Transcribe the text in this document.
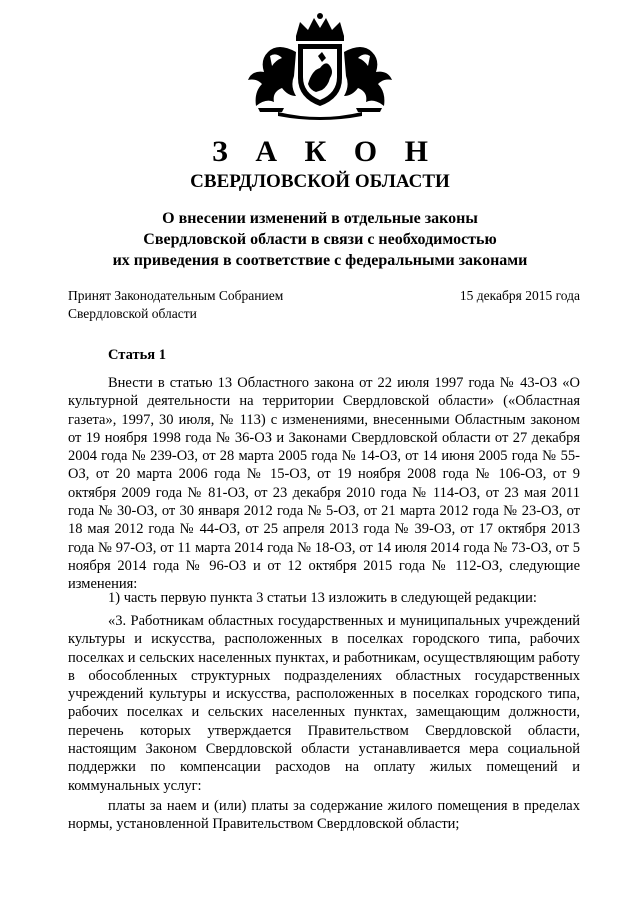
З А К О Н
СВЕРДЛОВСКОЙ ОБЛАСТИ
О внесении изменений в отдельные законы
Свердловской области в связи с необходимостью
их приведения в соответствие с федеральными законами
Принят Законодательным Собранием
Свердловской области
15 декабря 2015 года
Статья 1

Внести в статью 13 Областного закона от 22 июля 1997 года № 43-ОЗ «О культурной деятельности на территории Свердловской области» («Областная газета», 1997, 30 июля, № 113) с изменениями, внесенными Областным законом от 19 ноября 1998 года № 36-ОЗ и Законами Свердловской области от 27 декабря 2004 года № 239-ОЗ, от 28 марта 2005 года № 14-ОЗ, от 14 июня 2005 года № 55-ОЗ, от 20 марта 2006 года № 15-ОЗ, от 19 ноября 2008 года № 106-ОЗ, от 9 октября 2009 года № 81-ОЗ, от 23 декабря 2010 года № 114-ОЗ, от 23 мая 2011 года № 30-ОЗ, от 30 января 2012 года № 5-ОЗ, от 21 марта 2012 года № 23-ОЗ, от 18 мая 2012 года № 44-ОЗ, от 25 апреля 2013 года № 39-ОЗ, от 17 октября 2013 года № 97-ОЗ, от 11 марта 2014 года № 18-ОЗ, от 14 июля 2014 года № 73-ОЗ, от 5 ноября 2014 года № 96-ОЗ и от 12 октября 2015 года № 112-ОЗ, следующие изменения:

1) часть первую пункта 3 статьи 13 изложить в следующей редакции:

«3. Работникам областных государственных и муниципальных учреждений культуры и искусства, расположенных в поселках городского типа, рабочих поселках и сельских населенных пунктах, и работникам, осуществляющим работу в обособленных структурных подразделениях областных государственных учреждений культуры и искусства, расположенных в поселках городского типа, рабочих поселках и сельских населенных пунктах, замещающим должности, перечень которых утверждается Правительством Свердловской области, настоящим Законом Свердловской области устанавливается мера социальной поддержки по компенсации расходов на оплату жилых помещений и коммунальных услуг:

платы за наем и (или) платы за содержание жилого помещения в пределах нормы, установленной Правительством Свердловской области;
